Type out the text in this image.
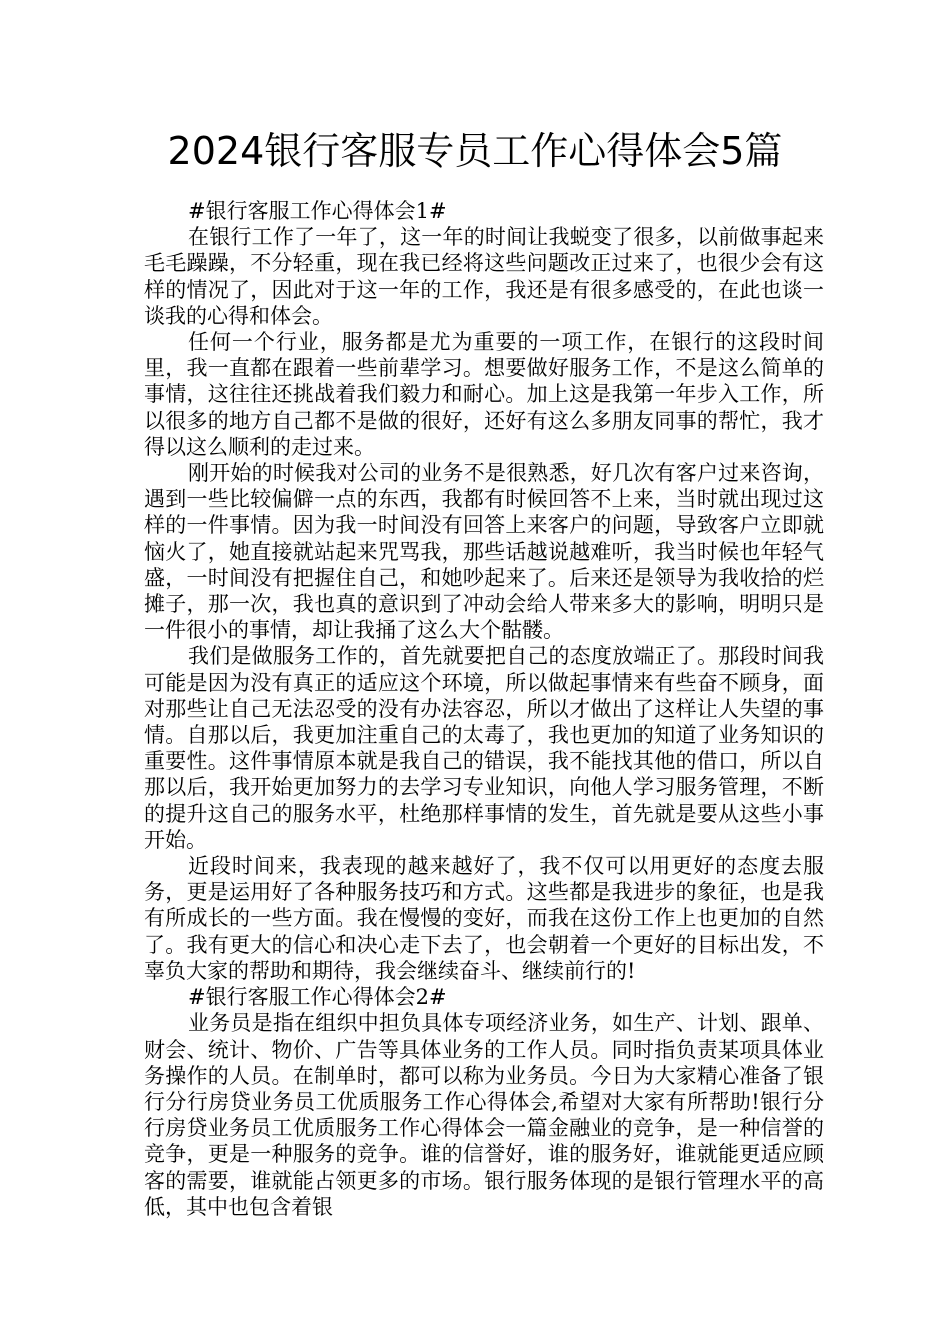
2024银行客服专员工作心得体会5篇

#银行客服工作心得体会1#

在银行工作了一年了，这一年的时间让我蜕变了很多，以前做事起来毛毛躁躁，不分轻重，现在我已经将这些问题改正过来了，也很少会有这样的情况了，因此对于这一年的工作，我还是有很多感受的，在此也谈一谈我的心得和体会。

任何一个行业，服务都是尤为重要的一项工作，在银行的这段时间里，我一直都在跟着一些前辈学习。想要做好服务工作，不是这么简单的事情，这往往还挑战着我们毅力和耐心。加上这是我第一年步入工作，所以很多的地方自己都不是做的很好，还好有这么多朋友同事的帮忙，我才得以这么顺利的走过来。

刚开始的时候我对公司的业务不是很熟悉，好几次有客户过来咨询，遇到一些比较偏僻一点的东西，我都有时候回答不上来，当时就出现过这样的一件事情。因为我一时间没有回答上来客户的问题，导致客户立即就恼火了，她直接就站起来咒骂我，那些话越说越难听，我当时候也年轻气盛，一时间没有把握住自己，和她吵起来了。后来还是领导为我收拾的烂摊子，那一次，我也真的意识到了冲动会给人带来多大的影响，明明只是一件很小的事情，却让我捅了这么大个骷髅。

我们是做服务工作的，首先就要把自己的态度放端正了。那段时间我可能是因为没有真正的适应这个环境，所以做起事情来有些奋不顾身，面对那些让自己无法忍受的没有办法容忍，所以才做出了这样让人失望的事情。自那以后，我更加注重自己的太毒了，我也更加的知道了业务知识的重要性。这件事情原本就是我自己的错误，我不能找其他的借口，所以自那以后，我开始更加努力的去学习专业知识，向他人学习服务管理，不断的提升这自己的服务水平，杜绝那样事情的发生，首先就是要从这些小事开始。

近段时间来，我表现的越来越好了，我不仅可以用更好的态度去服务，更是运用好了各种服务技巧和方式。这些都是我进步的象征，也是我有所成长的一些方面。我在慢慢的变好，而我在这份工作上也更加的自然了。我有更大的信心和决心走下去了，也会朝着一个更好的目标出发，不辜负大家的帮助和期待，我会继续奋斗、继续前行的!

#银行客服工作心得体会2#

业务员是指在组织中担负具体专项经济业务，如生产、计划、跟单、财会、统计、物价、广告等具体业务的工作人员。同时指负责某项具体业务操作的人员。在制单时，都可以称为业务员。今日为大家精心准备了银行分行房贷业务员工优质服务工作心得体会,希望对大家有所帮助!银行分行房贷业务员工优质服务工作心得体会一篇金融业的竞争，是一种信誉的竞争，更是一种服务的竞争。谁的信誉好，谁的服务好，谁就能更适应顾客的需要，谁就能占领更多的市场。银行服务体现的是银行管理水平的高低，其中也包含着银
